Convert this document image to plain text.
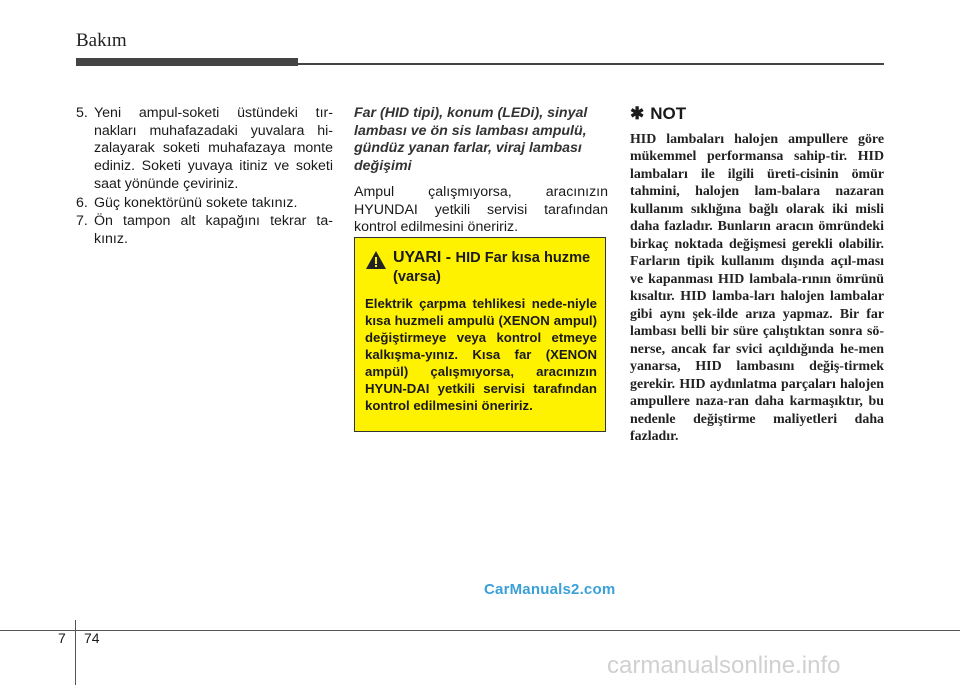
Bakım
5. Yeni ampul-soketi üstündeki tır-nakları muhafazadaki yuvalara hi-zalayarak soketi muhafazaya monte ediniz. Soketi yuvaya itiniz ve soketi saat yönünde çeviriniz.
6. Güç konektörünü sokete takınız.
7. Ön tampon alt kapağını tekrar ta-kınız.

Far (HID tipi), konum (LEDi), sinyal lambası ve ön sis lambası ampulü, gündüz yanan farlar, viraj lambası değişimi

Ampul çalışmıyorsa, aracınızın HYUNDAI yetkili servisi tarafından kontrol edilmesini öneririz.

UYARI - HID Far kısa huzme (varsa)

Elektrik çarpma tehlikesi nede-niyle kısa huzmeli ampulü (XENON ampul) değiştirmeye veya kontrol etmeye kalkışma-yınız. Kısa far (XENON ampül) çalışmıyorsa, aracınızın HYUN-DAI yetkili servisi tarafından kontrol edilmesini öneririz.

✱ NOT

HID lambaları halojen ampullere göre mükemmel performansa sahip-tir. HID lambaları ile ilgili üreti-cisinin ömür tahmini, halojen lam-balara nazaran kullanım sıklığına bağlı olarak iki misli daha fazladır. Bunların aracın ömründeki birkaç noktada değişmesi gerekli olabilir. Farların tipik kullanım dışında açıl-ması ve kapanması HID lambala-rının ömrünü kısaltır. HID lamba-ları halojen lambalar gibi aynı şek-ilde arıza yapmaz. Bir far lambası belli bir süre çalıştıktan sonra sö-nerse, ancak far svici açıldığında he-men yanarsa, HID lambasını değiş-tirmek gerekir. HID aydınlatma parçaları halojen ampullere naza-ran daha karmaşıktır, bu nedenle değiştirme maliyetleri daha fazladır.

CarManuals2.com
7 74
carmanualsonline.info
